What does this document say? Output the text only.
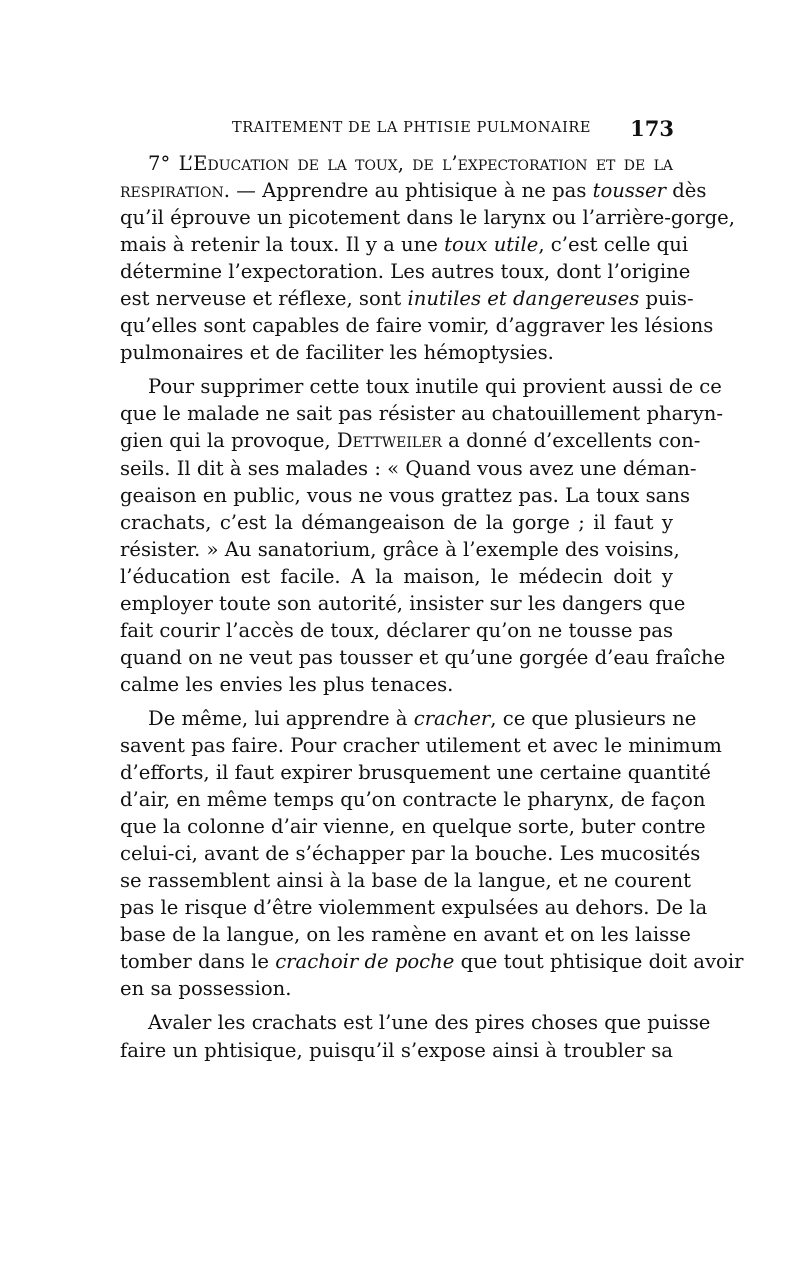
TRAITEMENT DE LA PHTISIE PULMONAIRE 173
7° L’Education de la toux, de l’expectoration et de la
respiration. — Apprendre au phtisique à ne pas tousser dès
qu’il éprouve un picotement dans le larynx ou l’arrière-gorge,
mais à retenir la toux. Il y a une toux utile, c’est celle qui
détermine l’expectoration. Les autres toux, dont l’origine
est nerveuse et réflexe, sont inutiles et dangereuses puis-
qu’elles sont capables de faire vomir, d’aggraver les lésions
pulmonaires et de faciliter les hémoptysies.
Pour supprimer cette toux inutile qui provient aussi de ce
que le malade ne sait pas résister au chatouillement pharyn-
gien qui la provoque, Dettweiler a donné d’excellents con-
seils. Il dit à ses malades : « Quand vous avez une déman-
geaison en public, vous ne vous grattez pas. La toux sans
crachats, c’est la démangeaison de la gorge ; il faut y
résister. » Au sanatorium, grâce à l’exemple des voisins,
l’éducation est facile. A la maison, le médecin doit y
employer toute son autorité, insister sur les dangers que
fait courir l’accès de toux, déclarer qu’on ne tousse pas
quand on ne veut pas tousser et qu’une gorgée d’eau fraîche
calme les envies les plus tenaces.
De même, lui apprendre à cracher, ce que plusieurs ne
savent pas faire. Pour cracher utilement et avec le minimum
d’efforts, il faut expirer brusquement une certaine quantité
d’air, en même temps qu’on contracte le pharynx, de façon
que la colonne d’air vienne, en quelque sorte, buter contre
celui-ci, avant de s’échapper par la bouche. Les mucosités
se rassemblent ainsi à la base de la langue, et ne courent
pas le risque d’être violemment expulsées au dehors. De la
base de la langue, on les ramène en avant et on les laisse
tomber dans le crachoir de poche que tout phtisique doit avoir
en sa possession.
Avaler les crachats est l’une des pires choses que puisse
faire un phtisique, puisqu’il s’expose ainsi à troubler sa
